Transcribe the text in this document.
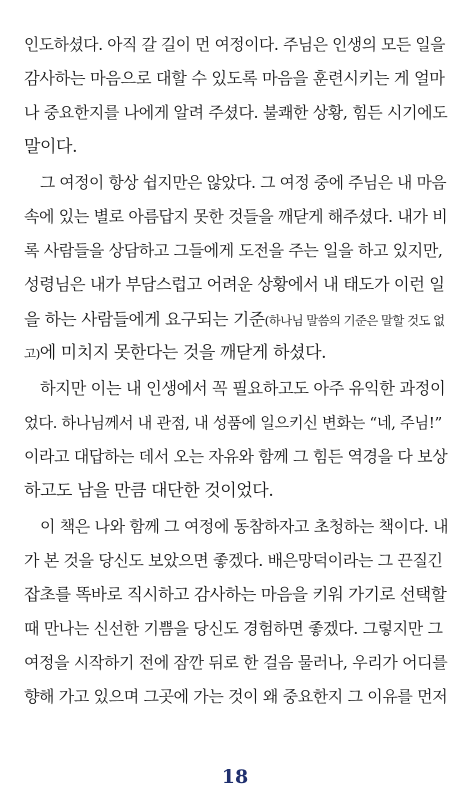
인도하셨다. 아직 갈 길이 먼 여정이다. 주님은 인생의 모든 일을
감사하는 마음으로 대할 수 있도록 마음을 훈련시키는 게 얼마
나 중요한지를 나에게 알려 주셨다. 불쾌한 상황, 힘든 시기에도
말이다.
그 여정이 항상 쉽지만은 않았다. 그 여정 중에 주님은 내 마음
속에 있는 별로 아름답지 못한 것들을 깨닫게 해주셨다. 내가 비
록 사람들을 상담하고 그들에게 도전을 주는 일을 하고 있지만,
성령님은 내가 부담스럽고 어려운 상황에서 내 태도가 이런 일
을 하는 사람들에게 요구되는 기준(하나님 말씀의 기준은 말할 것도 없
고)에 미치지 못한다는 것을 깨닫게 하셨다.
하지만 이는 내 인생에서 꼭 필요하고도 아주 유익한 과정이
었다. 하나님께서 내 관점, 내 성품에 일으키신 변화는 “네, 주님!”
이라고 대답하는 데서 오는 자유와 함께 그 힘든 역경을 다 보상
하고도 남을 만큼 대단한 것이었다.
이 책은 나와 함께 그 여정에 동참하자고 초청하는 책이다. 내
가 본 것을 당신도 보았으면 좋겠다. 배은망덕이라는 그 끈질긴
잡초를 똑바로 직시하고 감사하는 마음을 키워 가기로 선택할
때 만나는 신선한 기쁨을 당신도 경험하면 좋겠다. 그렇지만 그
여정을 시작하기 전에 잠깐 뒤로 한 걸음 물러나, 우리가 어디를
향해 가고 있으며 그곳에 가는 것이 왜 중요한지 그 이유를 먼저
18
